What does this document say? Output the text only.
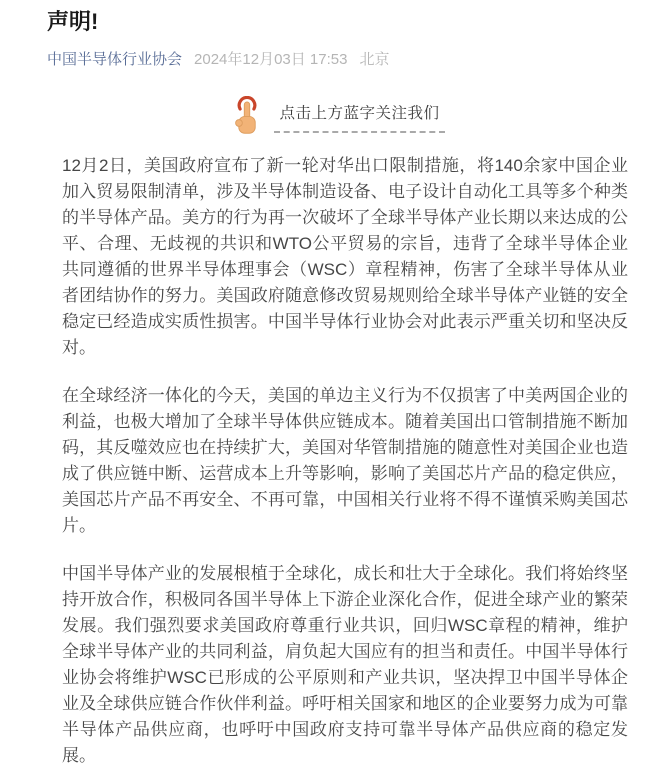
声明!
中国半导体行业协会 2024年12月03日 17:53 北京
点击上方蓝字关注我们

12月2日，美国政府宣布了新一轮对华出口限制措施，将140余家中国企业加入贸易限制清单，涉及半导体制造设备、电子设计自动化工具等多个种类的半导体产品。美方的行为再一次破坏了全球半导体产业长期以来达成的公平、合理、无歧视的共识和WTO公平贸易的宗旨，违背了全球半导体企业共同遵循的世界半导体理事会（WSC）章程精神，伤害了全球半导体从业者团结协作的努力。美国政府随意修改贸易规则给全球半导体产业链的安全稳定已经造成实质性损害。中国半导体行业协会对此表示严重关切和坚决反对。

在全球经济一体化的今天，美国的单边主义行为不仅损害了中美两国企业的利益，也极大增加了全球半导体供应链成本。随着美国出口管制措施不断加码，其反噬效应也在持续扩大，美国对华管制措施的随意性对美国企业也造成了供应链中断、运营成本上升等影响，影响了美国芯片产品的稳定供应，美国芯片产品不再安全、不再可靠，中国相关行业将不得不谨慎采购美国芯片。

中国半导体产业的发展根植于全球化，成长和壮大于全球化。我们将始终坚持开放合作，积极同各国半导体上下游企业深化合作，促进全球产业的繁荣发展。我们强烈要求美国政府尊重行业共识，回归WSC章程的精神，维护全球半导体产业的共同利益，肩负起大国应有的担当和责任。中国半导体行业协会将维护WSC已形成的公平原则和产业共识，坚决捍卫中国半导体企业及全球供应链合作伙伴利益。呼吁相关国家和地区的企业要努力成为可靠半导体产品供应商，也呼吁中国政府支持可靠半导体产品供应商的稳定发展。
